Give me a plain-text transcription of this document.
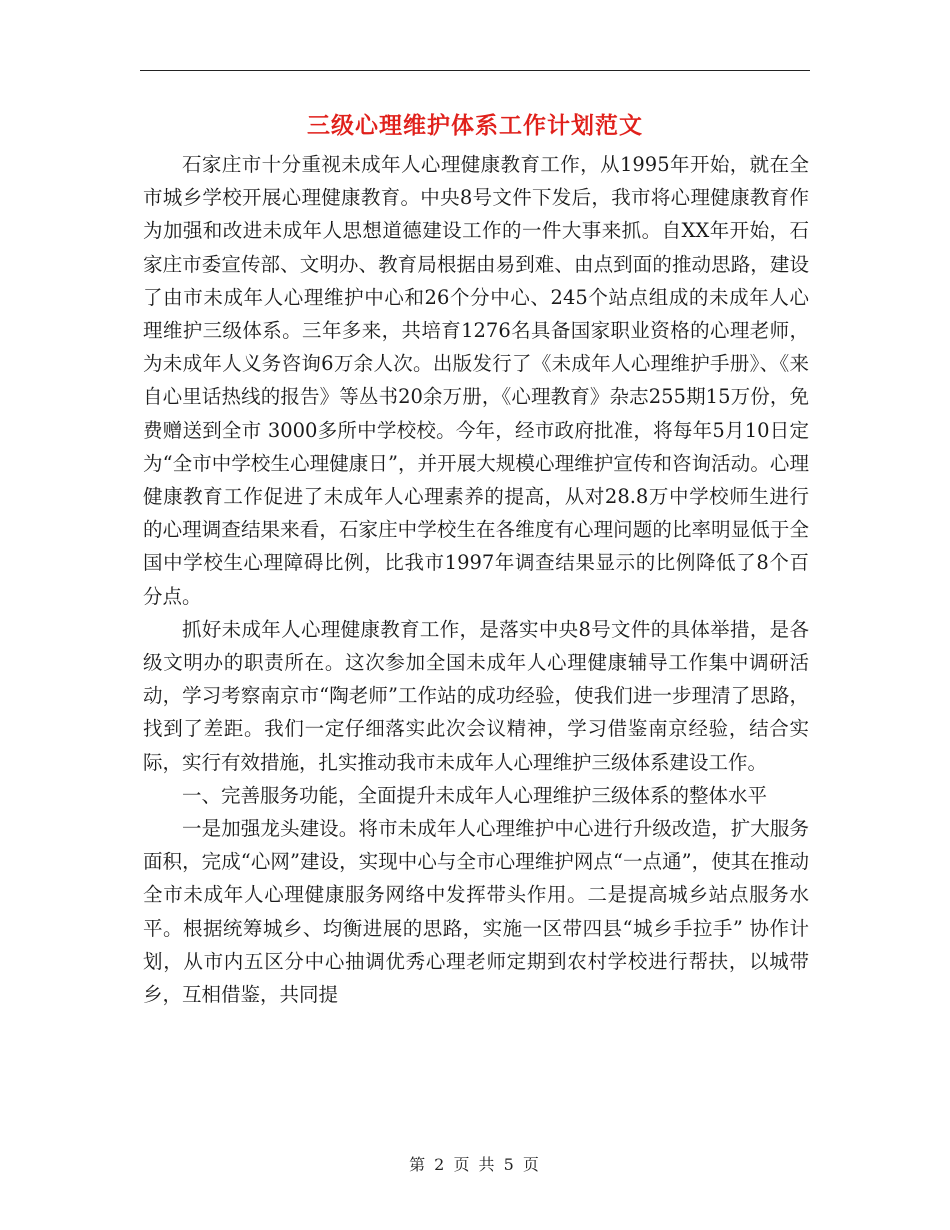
三级心理维护体系工作计划范文

石家庄市十分重视未成年人心理健康教育工作，从1995年开始，就在全市城乡学校开展心理健康教育。中央8号文件下发后，我市将心理健康教育作为加强和改进未成年人思想道德建设工作的一件大事来抓。自XX年开始，石家庄市委宣传部、文明办、教育局根据由易到难、由点到面的推动思路，建设了由市未成年人心理维护中心和26个分中心、245个站点组成的未成年人心理维护三级体系。三年多来，共培育1276名具备国家职业资格的心理老师，为未成年人义务咨询6万余人次。出版发行了《未成年人心理维护手册》、《来自心里话热线的报告》等丛书20余万册，《心理教育》杂志255期15万份，免费赠送到全市 3000多所中学校校。今年，经市政府批准，将每年5月10日定为“全市中学校生心理健康日”，并开展大规模心理维护宣传和咨询活动。心理健康教育工作促进了未成年人心理素养的提高，从对28.8万中学校师生进行的心理调查结果来看，石家庄中学校生在各维度有心理问题的比率明显低于全国中学校生心理障碍比例，比我市1997年调查结果显示的比例降低了8个百分点。

抓好未成年人心理健康教育工作，是落实中央8号文件的具体举措，是各级文明办的职责所在。这次参加全国未成年人心理健康辅导工作集中调研活动，学习考察南京市“陶老师”工作站的成功经验，使我们进一步理清了思路，找到了差距。我们一定仔细落实此次会议精神，学习借鉴南京经验，结合实际，实行有效措施，扎实推动我市未成年人心理维护三级体系建设工作。

一、完善服务功能，全面提升未成年人心理维护三级体系的整体水平

一是加强龙头建设。将市未成年人心理维护中心进行升级改造，扩大服务面积，完成“心网”建设，实现中心与全市心理维护网点“一点通”，使其在推动全市未成年人心理健康服务网络中发挥带头作用。二是提高城乡站点服务水平。根据统筹城乡、均衡进展的思路，实施一区带四县“城乡手拉手” 协作计划，从市内五区分中心抽调优秀心理老师定期到农村学校进行帮扶，以城带乡，互相借鉴，共同提

第 2 页 共 5 页
